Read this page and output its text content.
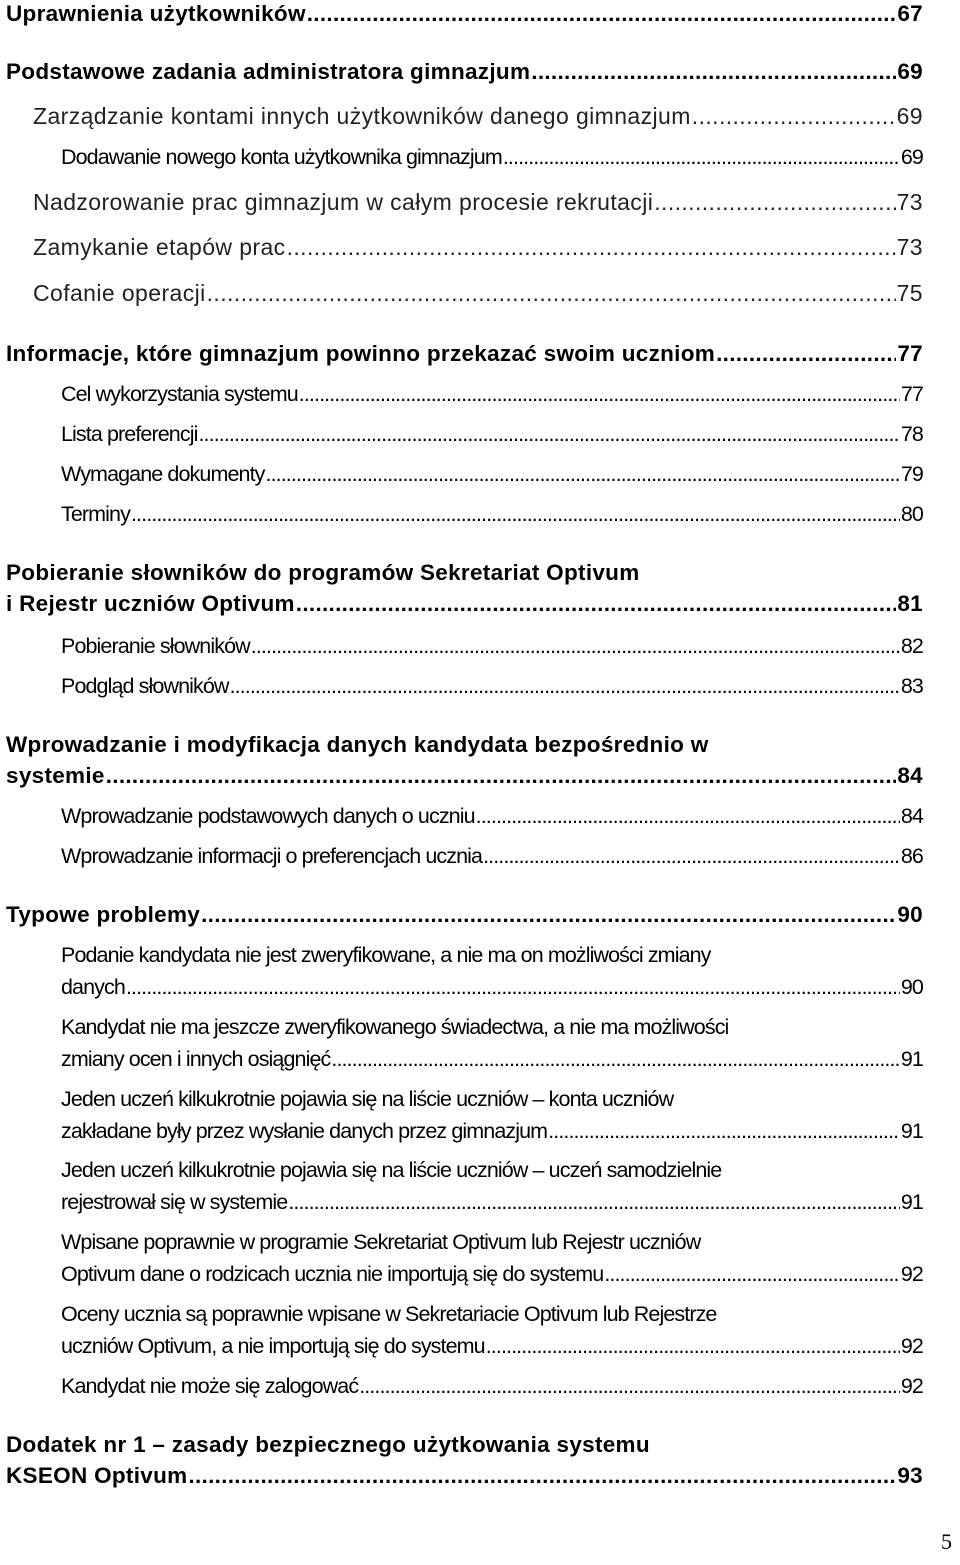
Uprawnienia użytkowników .....	67
Podstawowe zadania administratora gimnazjum .....	69
Zarządzanie kontami innych użytkowników danego gimnazjum .....	69
Dodawanie nowego konta użytkownika gimnazjum .....	69
Nadzorowanie prac gimnazjum w całym procesie rekrutacji .....	73
Zamykanie etapów prac .....	73
Cofanie operacji .....	75
Informacje, które gimnazjum powinno przekazać swoim uczniom .....	77
Cel wykorzystania systemu .....	77
Lista preferencji .....	78
Wymagane dokumenty .....	79
Terminy .....	80
Pobieranie słowników do programów Sekretariat Optivum
i Rejestr uczniów Optivum .....	81
Pobieranie słowników .....	82
Podgląd słowników .....	83
Wprowadzanie i modyfikacja danych kandydata bezpośrednio w
systemie .....	84
Wprowadzanie podstawowych danych o uczniu .....	84
Wprowadzanie informacji o preferencjach ucznia .....	86
Typowe problemy .....	90
Podanie kandydata nie jest zweryfikowane, a nie ma on możliwości zmiany
danych .....	90
Kandydat nie ma jeszcze zweryfikowanego świadectwa, a nie ma możliwości
zmiany ocen i innych osiągnięć .....	91
Jeden uczeń kilkukrotnie pojawia się na liście uczniów – konta uczniów
zakładane były przez wysłanie danych przez gimnazjum .....	91
Jeden uczeń kilkukrotnie pojawia się na liście uczniów – uczeń samodzielnie
rejestrował się w systemie .....	91
Wpisane poprawnie w programie Sekretariat Optivum lub Rejestr uczniów
Optivum dane o rodzicach ucznia nie importują się do systemu .....	92
Oceny ucznia są poprawnie wpisane w Sekretariacie Optivum lub Rejestrze
uczniów Optivum, a nie importują się do systemu .....	92
Kandydat nie może się zalogować .....	92
Dodatek nr 1 – zasady bezpiecznego użytkowania systemu
KSEON Optivum .....	93
5
